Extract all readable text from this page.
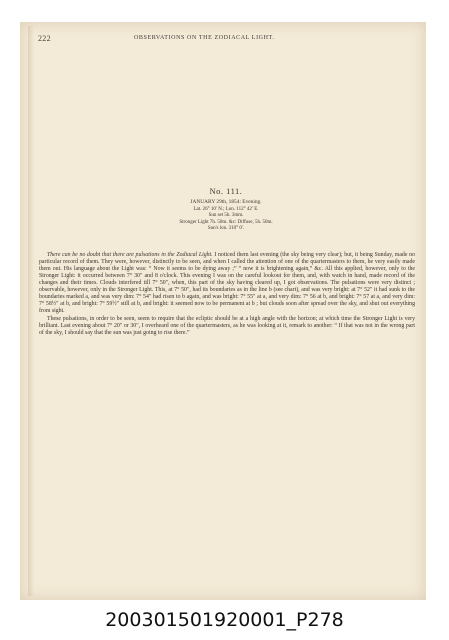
222	OBSERVATIONS ON THE ZODIACAL LIGHT.
No. 111.
JANUARY 29th, 1854: Evening.
Lat. 26° 10′ N.; Lon. 112° 42′ E.
Sun set 5h. 3mm.
Stronger Light 7h. 50m. &c: Diffuse, 5h. 50m.
Sun's lon. 310° 0′.

There can be no doubt that there are pulsations in the Zodiacal Light. I noticed them last evening (the sky being very clear); but, it being Sunday, made no particular record of them. They were, however, distinctly to be seen, and when I called the attention of one of the quartermasters to them, he very easily made them out. His language about the Light was: “ Now it seems to be dying away ;” “ now it is brightening again,” &c. All this applied, however, only to the Stronger Light: it occurred between 7° 30″ and 8 o'clock. This evening I was on the careful lookout for them, and, with watch in hand, made record of the changes and their times. Clouds interfered till 7° 50″, when, this part of the sky having cleared up, I got observations. The pulsations were very distinct ; observable, however, only in the Stronger Light. This, at 7° 50″, had its boundaries as in the line b (see chart), and was very bright: at 7° 52″ it had sunk to the boundaries marked a, and was very dim: 7° 54″ had risen to b again, and was bright: 7° 55″ at a, and very dim: 7° 56 at b, and bright: 7° 57 at a, and very dim: 7° 58½″ at b, and bright: 7° 59½″ still at b, and bright: it seemed now to be permanent at b ; but clouds soon after spread over the sky, and shut out everything from sight.

These pulsations, in order to be seen, seem to require that the ecliptic should be at a high angle with the horizon; at which time the Stronger Light is very brilliant. Last evening about 7° 20″ or 30″, I overheard one of the quartermasters, as he was looking at it, remark to another: “ If that was not in the wrong part of the sky, I should say that the sun was just going to rise there.”

200301501920001_P278
